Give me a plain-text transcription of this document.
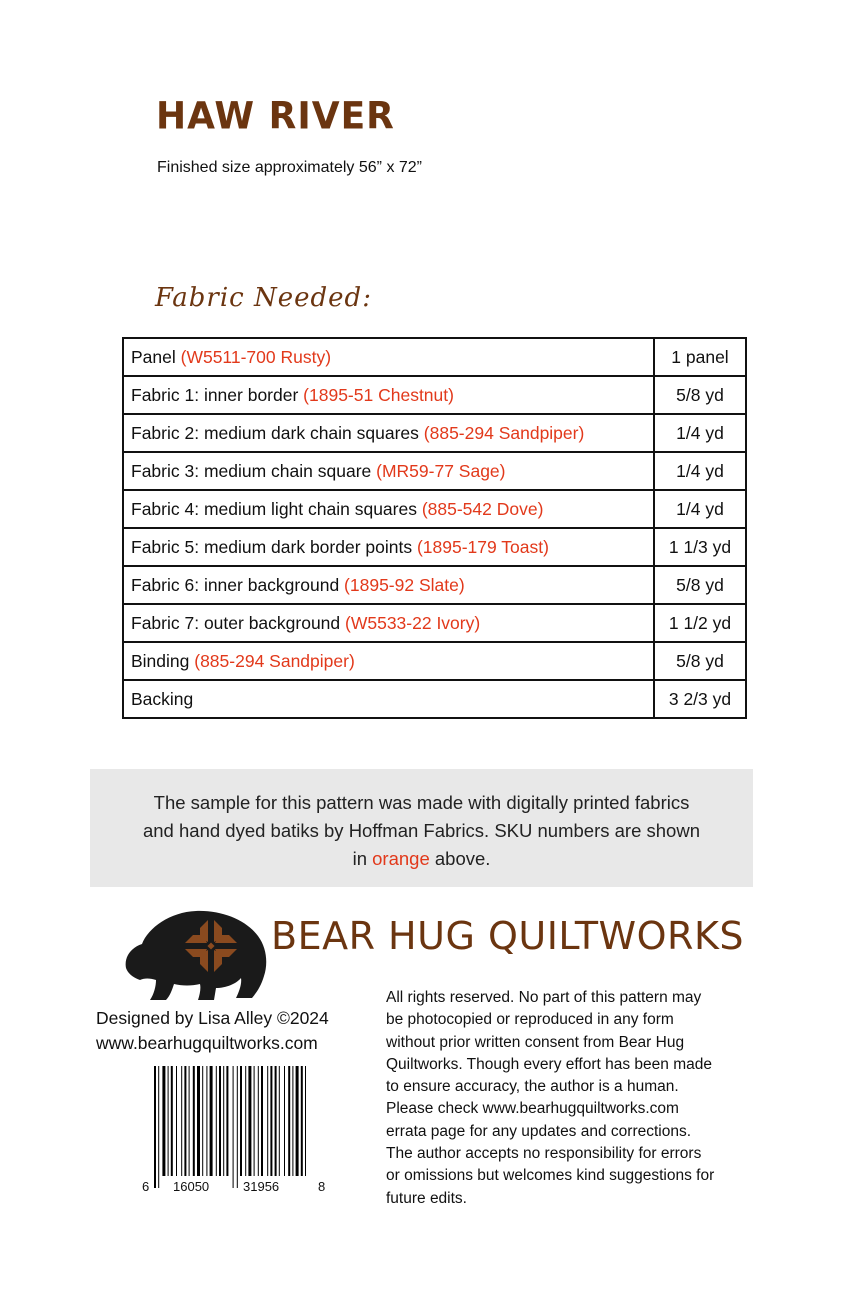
HAW RIVER
Finished size approximately 56” x 72”
Fabric Needed:
Panel (W5511-700 Rusty)	1 panel
Fabric 1: inner border (1895-51 Chestnut)	5/8 yd
Fabric 2: medium dark chain squares (885-294 Sandpiper)	1/4 yd
Fabric 3: medium chain square (MR59-77 Sage)	1/4 yd
Fabric 4: medium light chain squares (885-542 Dove)	1/4 yd
Fabric 5: medium dark border points (1895-179 Toast)	1 1/3 yd
Fabric 6: inner background (1895-92 Slate)	5/8 yd
Fabric 7: outer background (W5533-22 Ivory)	1 1/2 yd
Binding (885-294 Sandpiper)	5/8 yd
Backing	3 2/3 yd

The sample for this pattern was made with digitally printed fabrics
and hand dyed batiks by Hoffman Fabrics. SKU numbers are shown
in orange above.

BEAR HUG QUILTWORKS
Designed by Lisa Alley ©2024
www.bearhugquiltworks.com
6 16050	31956	8
All rights reserved. No part of this pattern may
be photocopied or reproduced in any form
without prior written consent from Bear Hug
Quiltworks. Though every effort has been made
to ensure accuracy, the author is a human.
Please check www.bearhugquiltworks.com
errata page for any updates and corrections.
The author accepts no responsibility for errors
or omissions but welcomes kind suggestions for
future edits.
